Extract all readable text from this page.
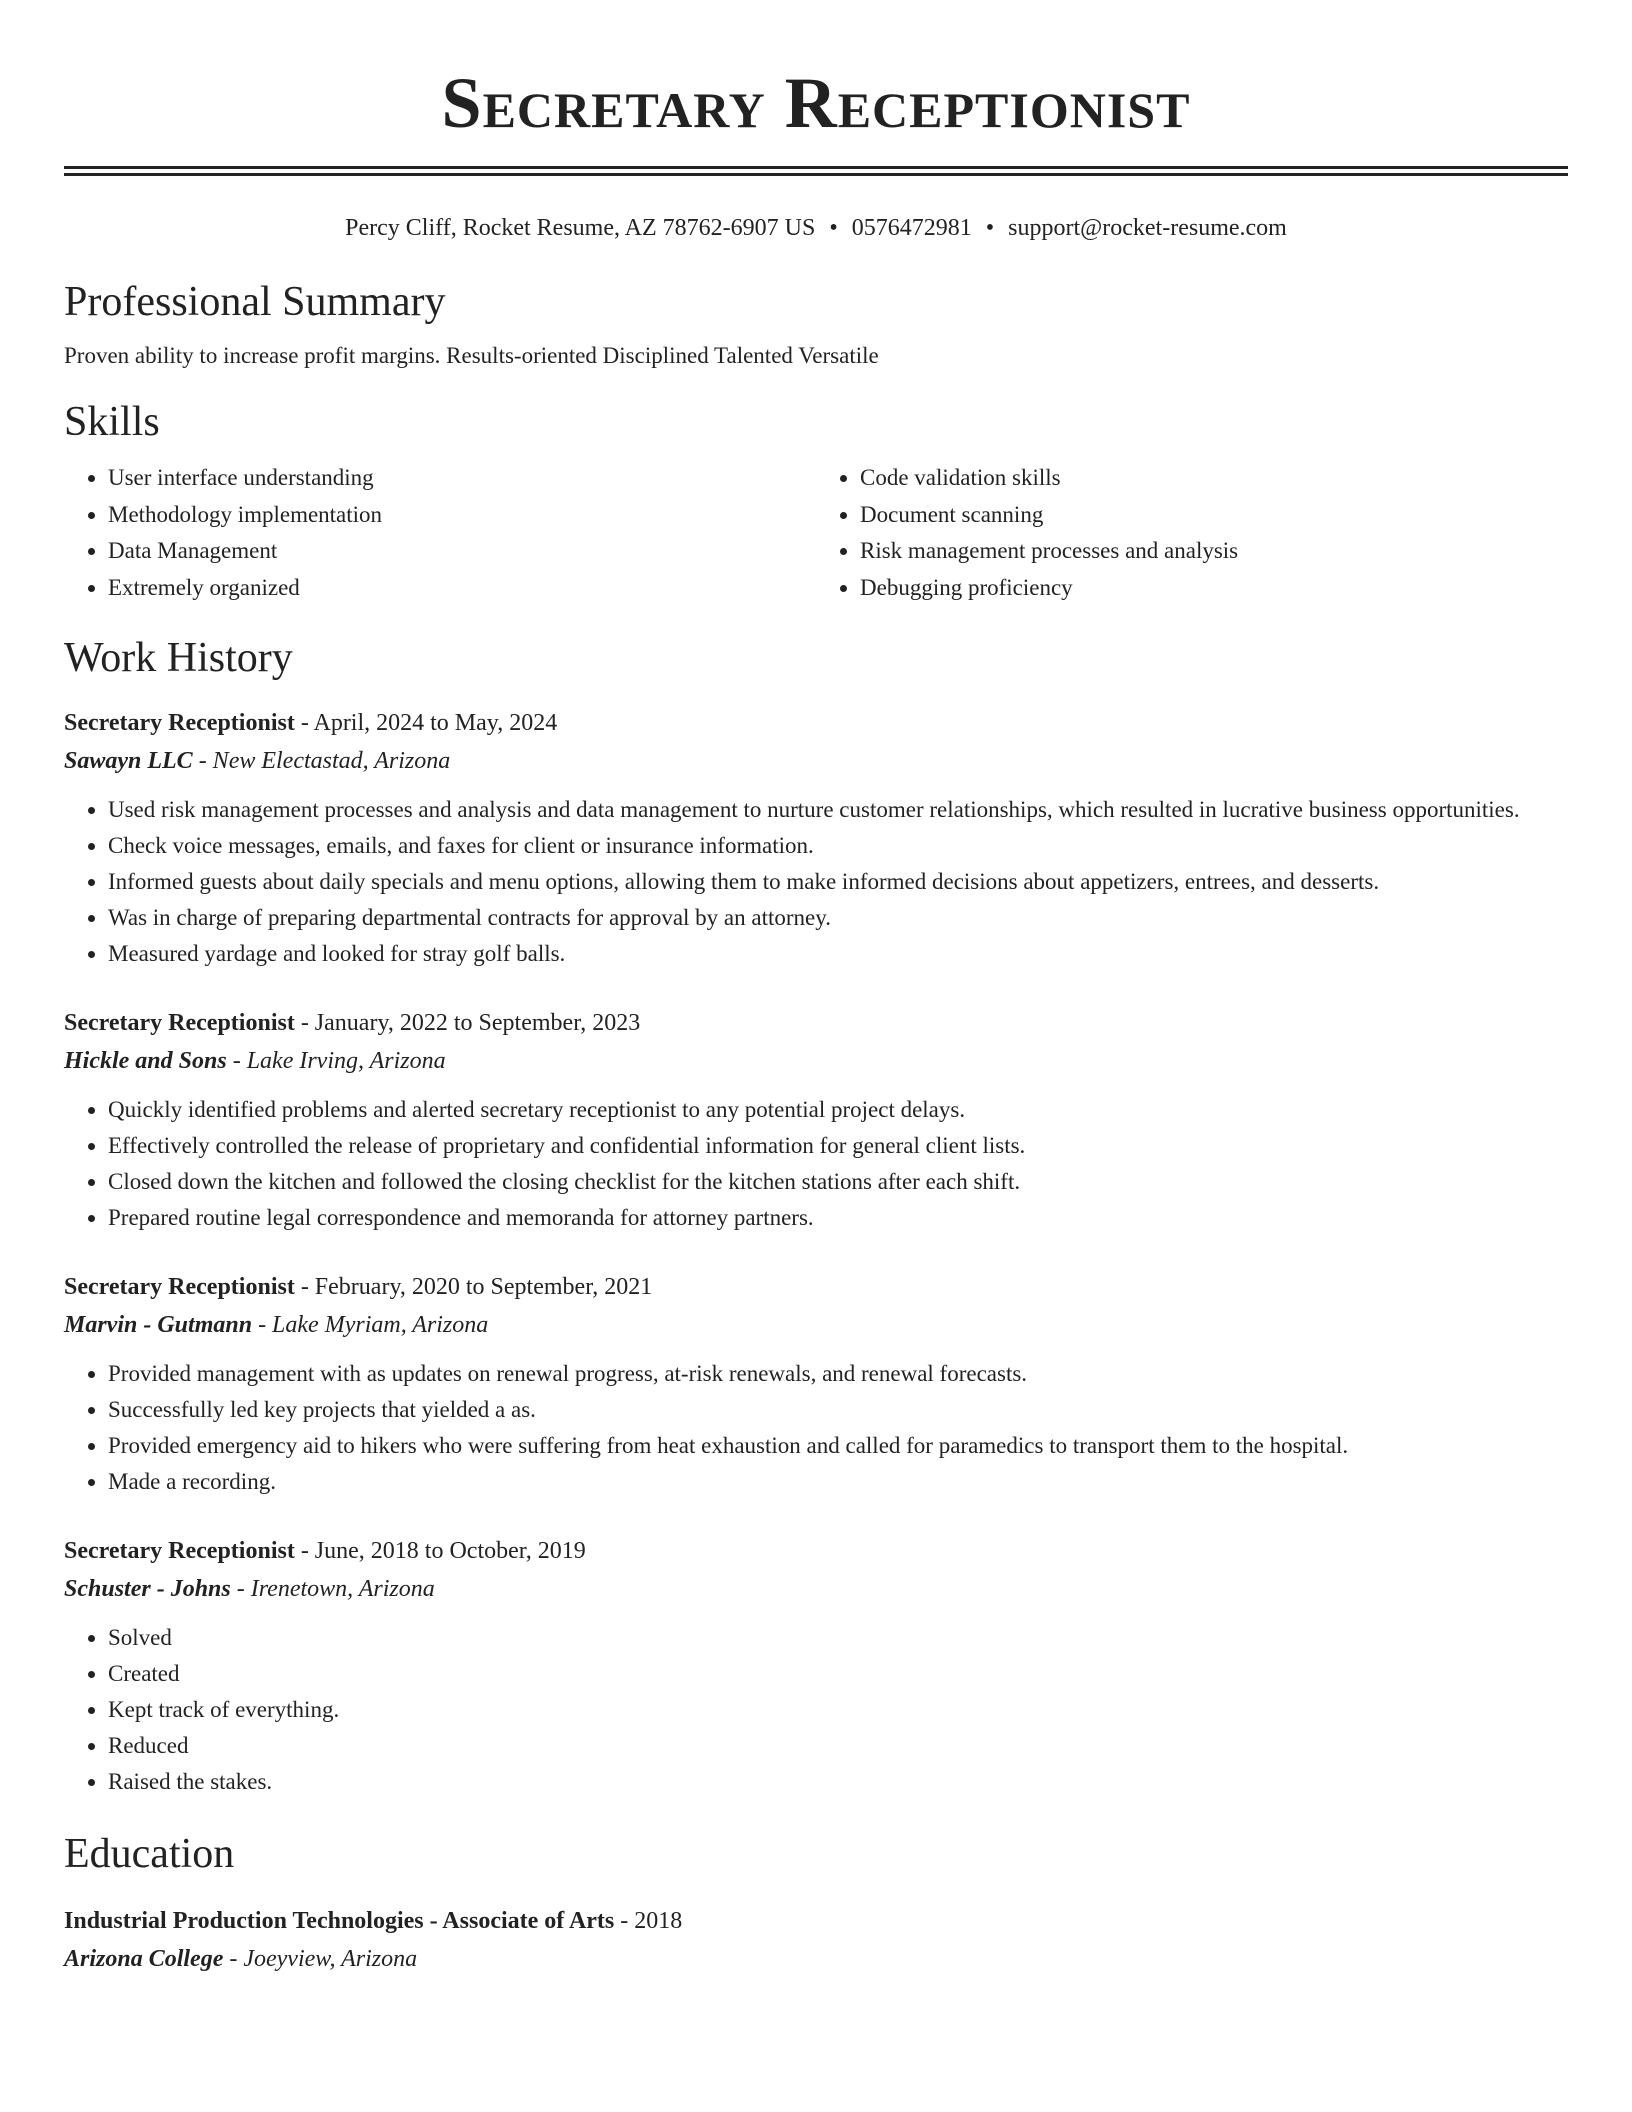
Secretary Receptionist
Percy Cliff, Rocket Resume, AZ 78762-6907 US • 0576472981 • support@rocket-resume.com
Professional Summary
Proven ability to increase profit margins. Results-oriented Disciplined Talented Versatile
Skills
• User interface understanding
• Methodology implementation
• Data Management
• Extremely organized
• Code validation skills
• Document scanning
• Risk management processes and analysis
• Debugging proficiency
Work History
Secretary Receptionist - April, 2024 to May, 2024
Sawayn LLC - New Electastad, Arizona
• Used risk management processes and analysis and data management to nurture customer relationships, which resulted in lucrative business opportunities.
• Check voice messages, emails, and faxes for client or insurance information.
• Informed guests about daily specials and menu options, allowing them to make informed decisions about appetizers, entrees, and desserts.
• Was in charge of preparing departmental contracts for approval by an attorney.
• Measured yardage and looked for stray golf balls.
Secretary Receptionist - January, 2022 to September, 2023
Hickle and Sons - Lake Irving, Arizona
• Quickly identified problems and alerted secretary receptionist to any potential project delays.
• Effectively controlled the release of proprietary and confidential information for general client lists.
• Closed down the kitchen and followed the closing checklist for the kitchen stations after each shift.
• Prepared routine legal correspondence and memoranda for attorney partners.
Secretary Receptionist - February, 2020 to September, 2021
Marvin - Gutmann - Lake Myriam, Arizona
• Provided management with as updates on renewal progress, at-risk renewals, and renewal forecasts.
• Successfully led key projects that yielded a as.
• Provided emergency aid to hikers who were suffering from heat exhaustion and called for paramedics to transport them to the hospital.
• Made a recording.
Secretary Receptionist - June, 2018 to October, 2019
Schuster - Johns - Irenetown, Arizona
• Solved
• Created
• Kept track of everything.
• Reduced
• Raised the stakes.
Education
Industrial Production Technologies - Associate of Arts - 2018
Arizona College - Joeyview, Arizona
